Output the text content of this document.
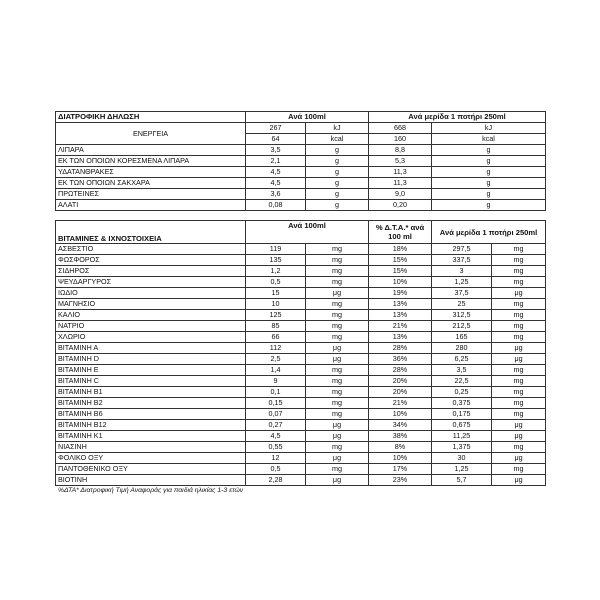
ΔΙΑΤΡΟΦΙΚΗ ΔΗΛΩΣΗ	Ανά 100ml		Ανά μερίδα 1 ποτήρι 250ml	
ΕΝΕΡΓΕΙΑ	267	kJ	668	kJ
	64	kcal	160	kcal
ΛΙΠΑΡΑ	3,5	g	8,8	g
ΕΚ ΤΩΝ ΟΠΟΙΩΝ ΚΟΡΕΣΜΕΝΑ ΛΙΠΑΡΑ	2,1	g	5,3	g
ΥΔΑΤΑΝΘΡΑΚΕΣ	4,5	g	11,3	g
ΕΚ ΤΩΝ ΟΠΟΙΩΝ ΣΑΚΧΑΡΑ	4,5	g	11,3	g
ΠΡΩΤΕΙΝΕΣ	3,6	g	9,0	g
ΑΛΑΤΙ	0,08	g	0,20	g
ΒΙΤΑΜΙΝΕΣ & ΙΧΝΟΣΤΟΙΧΕΙΑ	Ανά 100ml		% Δ.Τ.Α.* ανά 100 ml	Ανά μερίδα 1 ποτήρι 250ml	
ΑΣΒΕΣΤΙΟ	119	mg	18%	297,5	mg
ΦΩΣΦΟΡΟΣ	135	mg	15%	337,5	mg
ΣΙΔΗΡΟΣ	1,2	mg	15%	3	mg
ΨΕΥΔΑΡΓΥΡΟΣ	0,5	mg	10%	1,25	mg
ΙΩΔΙΟ	15	μg	19%	37,5	μg
ΜΑΓΝΗΣΙΟ	10	mg	13%	25	mg
ΚΑΛΙΟ	125	mg	13%	312,5	mg
ΝΑΤΡΙΟ	85	mg	21%	212,5	mg
ΧΛΩΡΙΟ	66	mg	13%	165	mg
ΒΙΤΑΜΙΝΗ Α	112	μg	28%	280	μg
ΒΙΤΑΜΙΝΗ D	2,5	μg	36%	6,25	μg
ΒΙΤΑΜΙΝΗ Ε	1,4	mg	28%	3,5	mg
ΒΙΤΑΜΙΝΗ C	9	mg	20%	22,5	mg
ΒΙΤΑΜΙΝΗ Β1	0,1	mg	20%	0,25	mg
ΒΙΤΑΜΙΝΗ Β2	0,15	mg	21%	0,375	mg
ΒΙΤΑΜΙΝΗ Β6	0,07	mg	10%	0,175	mg
ΒΙΤΑΜΙΝΗ Β12	0,27	μg	34%	0,675	μg
ΒΙΤΑΜΙΝΗ Κ1	4,5	μg	38%	11,25	μg
ΝΙΑΣΙΝΗ	0,55	mg	8%	1,375	mg
ΦΟΛΙΚΟ ΟΞΥ	12	μg	10%	30	μg
ΠΑΝΤΟΘΕΝΙΚΟ ΟΞΥ	0,5	mg	17%	1,25	mg
ΒΙΟΤΙΝΗ	2,28	μg	23%	5,7	μg
%ΔΤΑ* Διατροφική Τιμή Αναφοράς για παιδιά ηλικίας 1-3 ετών
